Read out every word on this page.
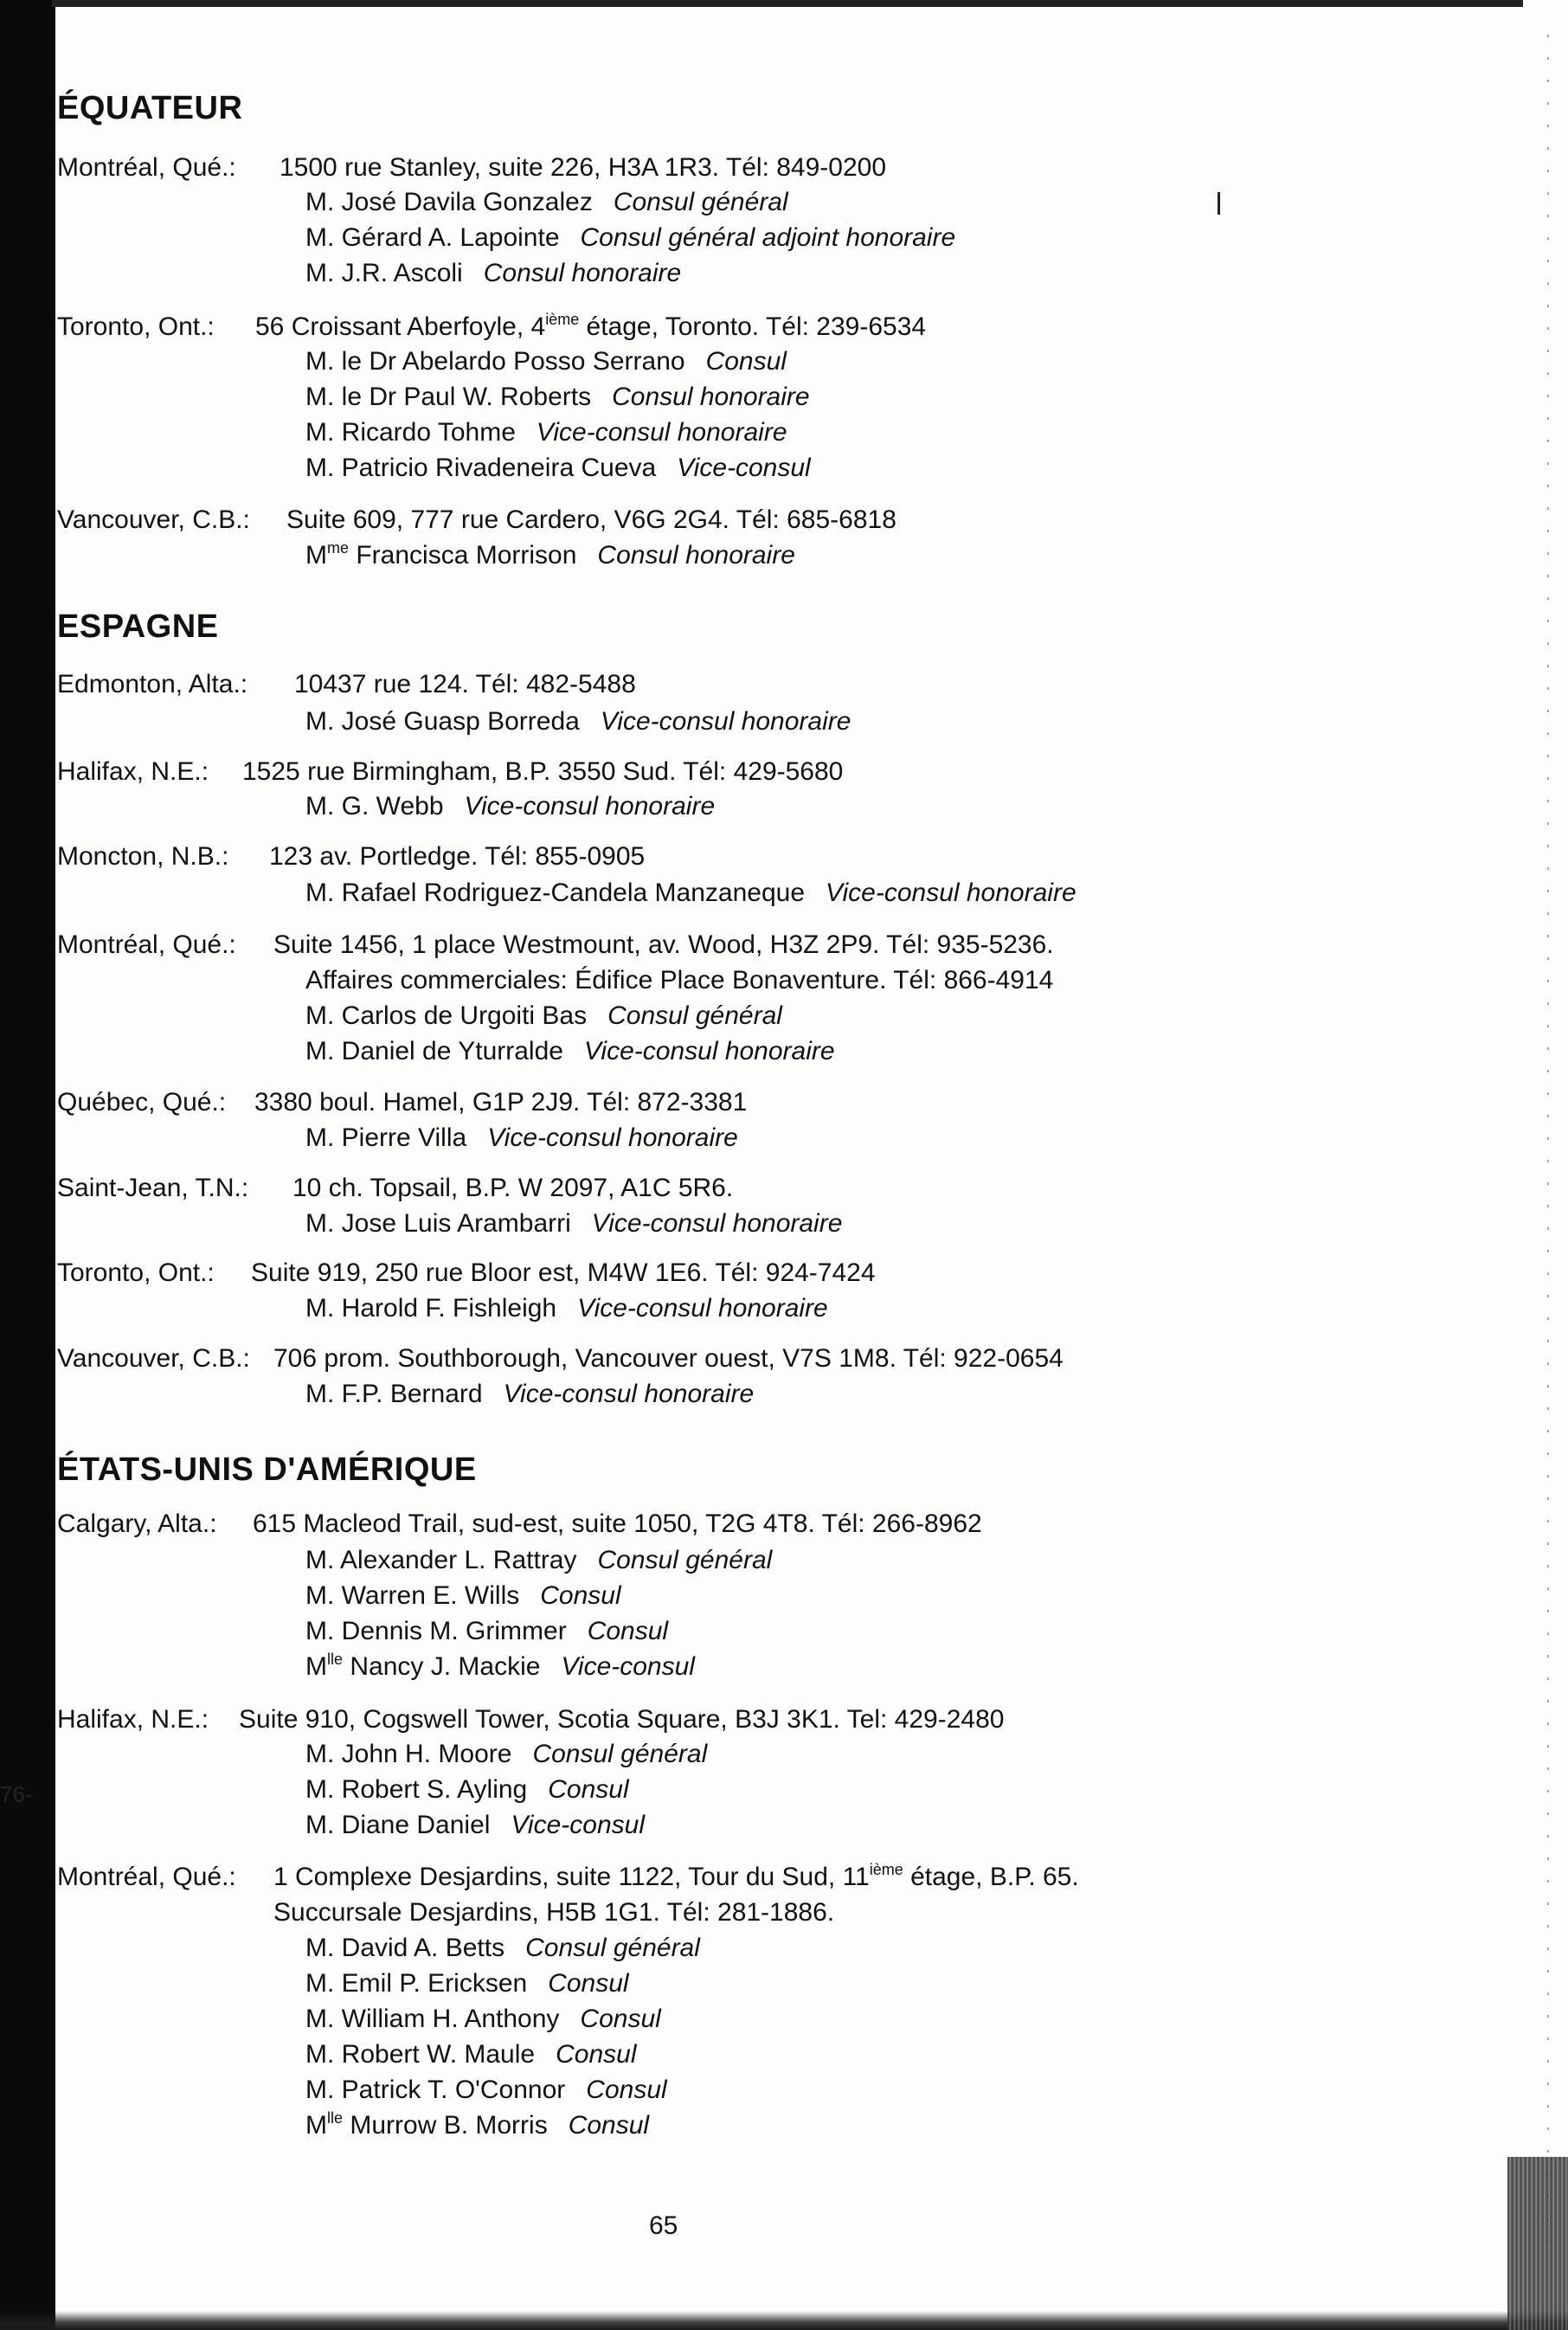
76-
ÉQUATEUR
Montréal, Qué.: 1500 rue Stanley, suite 226, H3A 1R3. Tél: 849-0200
M. José Davila Gonzalez Consul général
M. Gérard A. Lapointe Consul général adjoint honoraire
M. J.R. Ascoli Consul honoraire
Toronto, Ont.: 56 Croissant Aberfoyle, 4ième étage, Toronto. Tél: 239-6534
M. le Dr Abelardo Posso Serrano Consul
M. le Dr Paul W. Roberts Consul honoraire
M. Ricardo Tohme Vice-consul honoraire
M. Patricio Rivadeneira Cueva Vice-consul
Vancouver, C.B.: Suite 609, 777 rue Cardero, V6G 2G4. Tél: 685-6818
$M^{me}$ Francisca Morrison Consul honoraire
ESPAGNE
Edmonton, Alta.: 10437 rue 124. Tél: 482-5488
M. José Guasp Borreda Vice-consul honoraire
Halifax, N.E.: 1525 rue Birmingham, B.P. 3550 Sud. Tél: 429-5680
M. G. Webb Vice-consul honoraire
Moncton, N.B.: 123 av. Portledge. Tél: 855-0905
M. Rafael Rodriguez-Candela Manzaneque Vice-consul honoraire
Montréal, Qué.: Suite 1456, 1 place Westmount, av. Wood, H3Z 2P9. Tél: 935-5236.
Affaires commerciales: Édifice Place Bonaventure. Tél: 866-4914
M. Carlos de Urgoiti Bas Consul général
M. Daniel de Yturralde Vice-consul honoraire
Québec, Qué.: 3380 boul. Hamel, G1P 2J9. Tél: 872-3381
M. Pierre Villa Vice-consul honoraire
Saint-Jean, T.N.: 10 ch. Topsail, B.P. W 2097, A1C 5R6.
M. Jose Luis Arambarri Vice-consul honoraire
Toronto, Ont.: Suite 919, 250 rue Bloor est, M4W 1E6. Tél: 924-7424
M. Harold F. Fishleigh Vice-consul honoraire
Vancouver, C.B.: 706 prom. Southborough, Vancouver ouest, V7S 1M8. Tél: 922-0654
M. F.P. Bernard Vice-consul honoraire
ÉTATS-UNIS D'AMÉRIQUE
Calgary, Alta.: 615 Macleod Trail, sud-est, suite 1050, T2G 4T8. Tél: 266-8962
M. Alexander L. Rattray Consul général
M. Warren E. Wills Consul
M. Dennis M. Grimmer Consul
$M^{lle}$ Nancy J. Mackie Vice-consul
Halifax, N.E.: Suite 910, Cogswell Tower, Scotia Square, B3J 3K1. Tel: 429-2480
M. John H. Moore Consul général
M. Robert S. Ayling Consul
M. Diane Daniel Vice-consul
Montréal, Qué.: 1 Complexe Desjardins, suite 1122, Tour du Sud, 11ième étage, B.P. 65.
Succursale Desjardins, H5B 1G1. Tél: 281-1886.
M. David A. Betts Consul général
M. Emil P. Ericksen Consul
M. William H. Anthony Consul
M. Robert W. Maule Consul
M. Patrick T. O'Connor Consul
$M^{lle}$ Murrow B. Morris Consul
65
